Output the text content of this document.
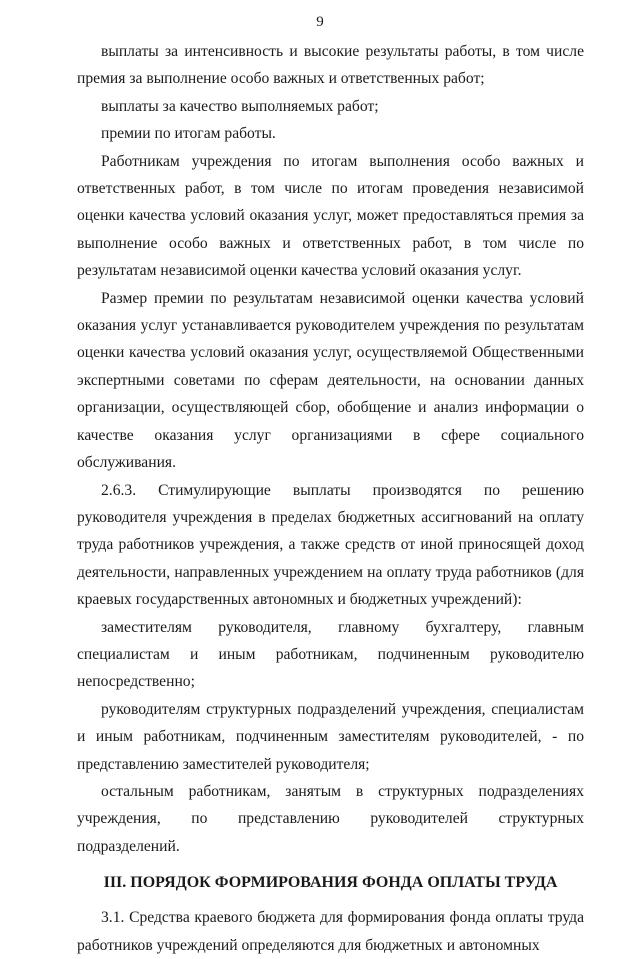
9

выплаты за интенсивность и высокие результаты работы, в том числе премия за выполнение особо важных и ответственных работ;

выплаты за качество выполняемых работ;

премии по итогам работы.

Работникам учреждения по итогам выполнения особо важных и ответственных работ, в том числе по итогам проведения независимой оценки качества условий оказания услуг, может предоставляться премия за выполнение особо важных и ответственных работ, в том числе по результатам независимой оценки качества условий оказания услуг.

Размер премии по результатам независимой оценки качества условий оказания услуг устанавливается руководителем учреждения по результатам оценки качества условий оказания услуг, осуществляемой Общественными экспертными советами по сферам деятельности, на основании данных организации, осуществляющей сбор, обобщение и анализ информации о качестве оказания услуг организациями в сфере социального обслуживания.

2.6.3. Стимулирующие выплаты производятся по решению руководителя учреждения в пределах бюджетных ассигнований на оплату труда работников учреждения, а также средств от иной приносящей доход деятельности, направленных учреждением на оплату труда работников (для краевых государственных автономных и бюджетных учреждений):

заместителям руководителя, главному бухгалтеру, главным специалистам и иным работникам, подчиненным руководителю непосредственно;

руководителям структурных подразделений учреждения, специалистам и иным работникам, подчиненным заместителям руководителей, - по представлению заместителей руководителя;

остальным работникам, занятым в структурных подразделениях учреждения, по представлению руководителей структурных подразделений.

III. ПОРЯДОК ФОРМИРОВАНИЯ ФОНДА ОПЛАТЫ ТРУДА

3.1. Средства краевого бюджета для формирования фонда оплаты труда работников учреждений определяются для бюджетных и автономных
